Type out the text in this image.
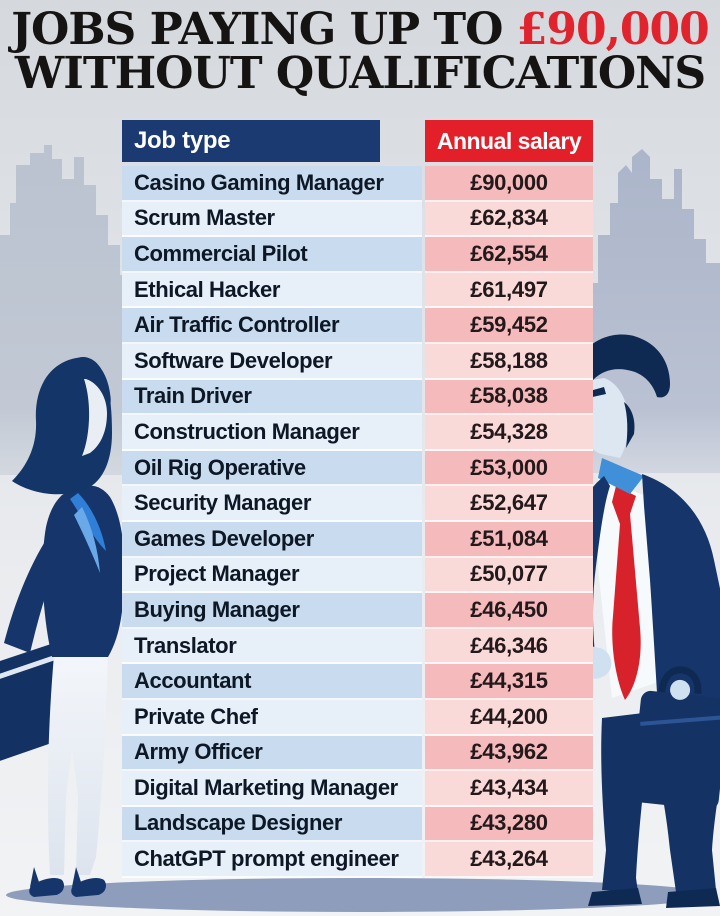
JOBS PAYING UP TO £90,000
WITHOUT QUALIFICATIONS
Job type	Annual salary
Casino Gaming Manager	£90,000
Scrum Master	£62,834
Commercial Pilot	£62,554
Ethical Hacker	£61,497
Air Traffic Controller	£59,452
Software Developer	£58,188
Train Driver	£58,038
Construction Manager	£54,328
Oil Rig Operative	£53,000
Security Manager	£52,647
Games Developer	£51,084
Project Manager	£50,077
Buying Manager	£46,450
Translator	£46,346
Accountant	£44,315
Private Chef	£44,200
Army Officer	£43,962
Digital Marketing Manager	£43,434
Landscape Designer	£43,280
ChatGPT prompt engineer	£43,264
